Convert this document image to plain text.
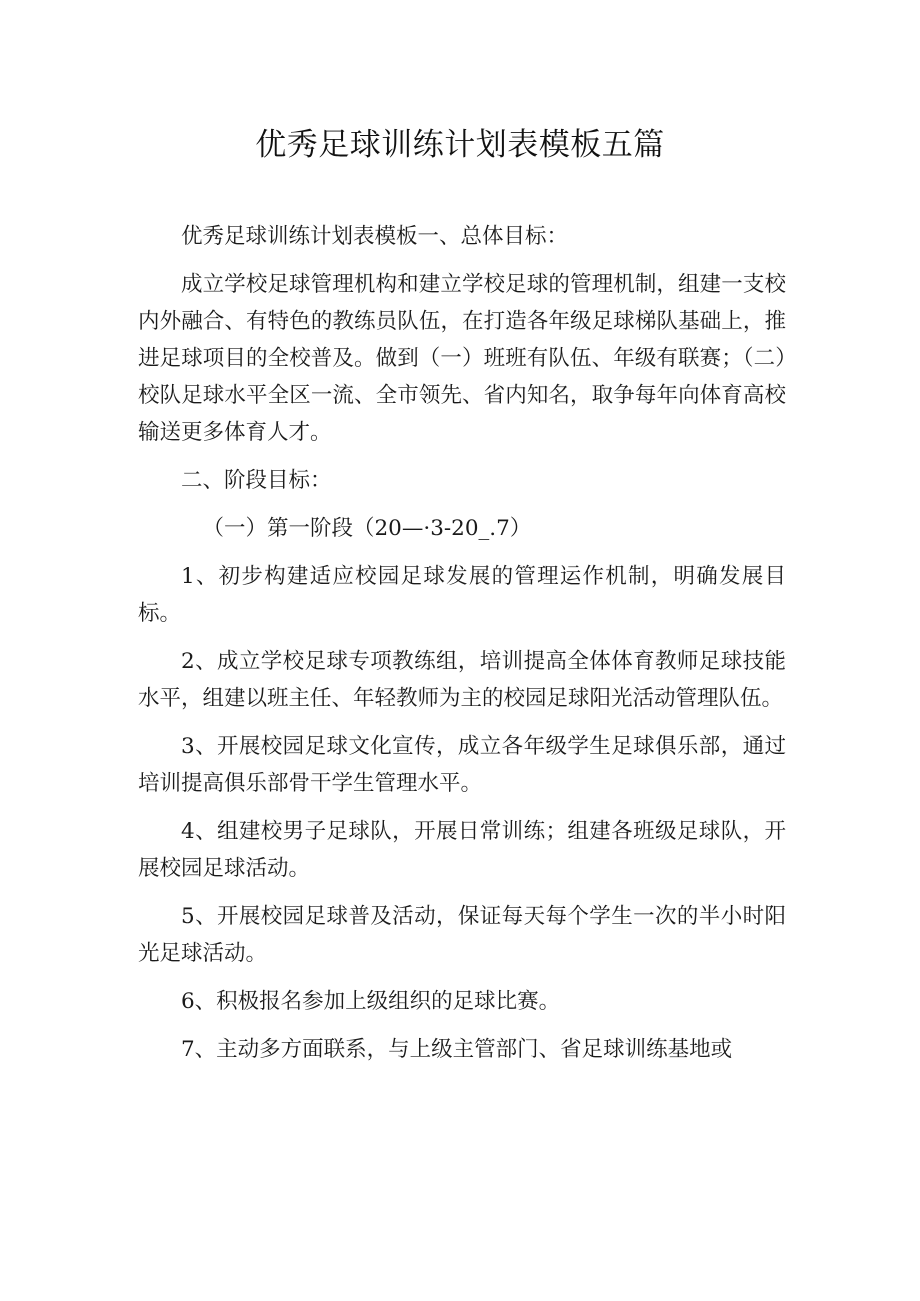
优秀足球训练计划表模板五篇

优秀足球训练计划表模板一、总体目标：

成立学校足球管理机构和建立学校足球的管理机制，组建一支校内外融合、有特色的教练员队伍，在打造各年级足球梯队基础上，推进足球项目的全校普及。做到（一）班班有队伍、年级有联赛；（二）校队足球水平全区一流、全市领先、省内知名，取争每年向体育高校输送更多体育人才。

二、阶段目标：

（一）第一阶段（20—·3-20_.7）

1、初步构建适应校园足球发展的管理运作机制，明确发展目标。

2、成立学校足球专项教练组，培训提高全体体育教师足球技能水平，组建以班主任、年轻教师为主的校园足球阳光活动管理队伍。

3、开展校园足球文化宣传，成立各年级学生足球俱乐部，通过培训提高俱乐部骨干学生管理水平。

4、组建校男子足球队，开展日常训练；组建各班级足球队，开展校园足球活动。

5、开展校园足球普及活动，保证每天每个学生一次的半小时阳光足球活动。

6、积极报名参加上级组织的足球比赛。

7、主动多方面联系，与上级主管部门、省足球训练基地或
